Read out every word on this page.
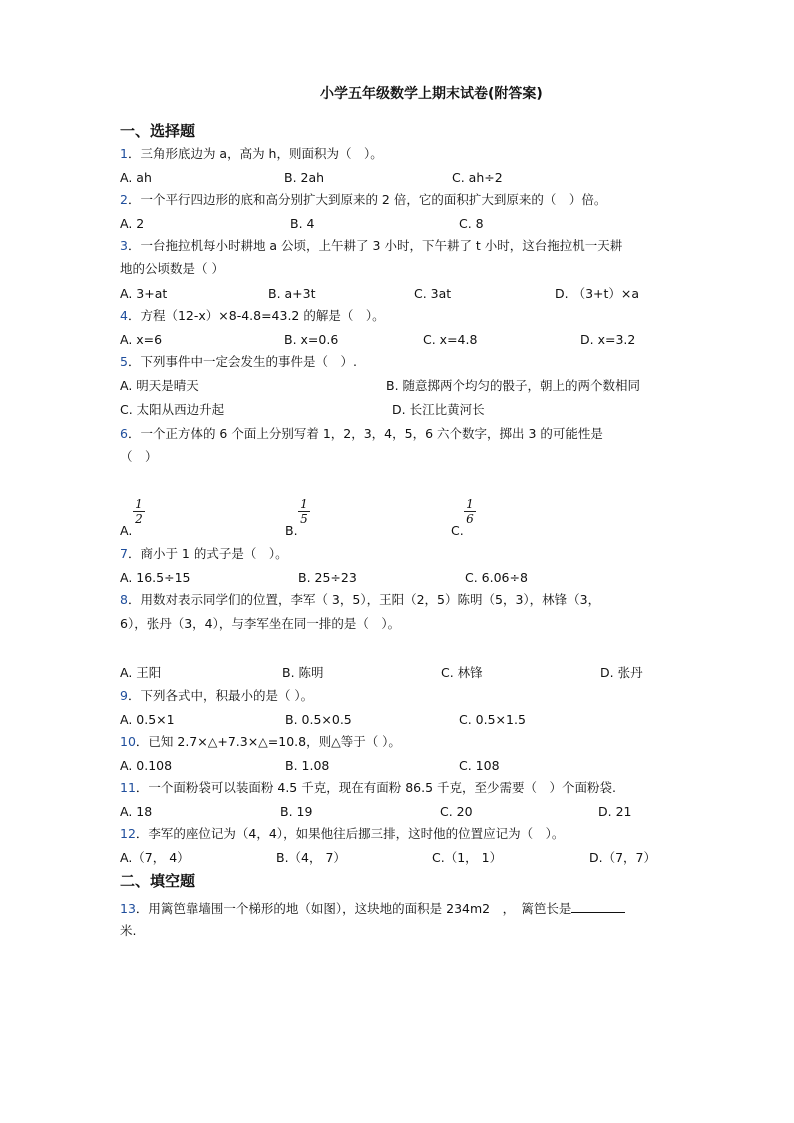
小学五年级数学上期末试卷(附答案)
一、选择题
1．三角形底边为 a，高为 h，则面积为（　）。
A. ah	B. 2ah	C. ah÷2
2．一个平行四边形的底和高分别扩大到原来的 2 倍，它的面积扩大到原来的（　）倍。
A. 2	B. 4	C. 8
3．一台拖拉机每小时耕地 a 公顷，上午耕了 3 小时，下午耕了 t 小时，这台拖拉机一天耕
地的公顷数是（ ）
A. 3+at	B. a+3t	C. 3at	D. （3+t）×a
4．方程（12-x）×8-4.8=43.2 的解是（　）。
A. x=6	B. x=0.6	C. x=4.8	D. x=3.2
5．下列事件中一定会发生的事件是（　）.
A. 明天是晴天	B. 随意掷两个均匀的骰子，朝上的两个数相同
C. 太阳从西边升起	D. 长江比黄河长
6．一个正方体的 6 个面上分别写着 1，2，3，4，5，6 六个数字，掷出 3 的可能性是
（　）
A.
1
2
B.
1
5
C.
1
6
7．商小于 1 的式子是（　）。
A. 16.5÷15	B. 25÷23	C. 6.06÷8
8．用数对表示同学们的位置，李军（ 3，5），王阳（2，5）陈明（5，3），林锋（3，
6），张丹（3，4），与李军坐在同一排的是（　）。
A. 王阳	B. 陈明	C. 林锋	D. 张丹
9．下列各式中，积最小的是（ ）。
A. 0.5×1	B. 0.5×0.5	C. 0.5×1.5
10．已知 2.7×△+7.3×△=10.8，则△等于（ ）。
A. 0.108	B. 1.08	C. 108
11．一个面粉袋可以装面粉 4.5 千克，现在有面粉 86.5 千克，至少需要（　）个面粉袋.
A. 18	B. 19	C. 20	D. 21
12．李军的座位记为（4，4），如果他往后挪三排，这时他的位置应记为（　）。
A.（7， 4）	B.（4， 7）	C.（1， 1）	D.（7，7）
二、填空题
13．用篱笆靠墙围一个梯形的地（如图），这块地的面积是 234m2　，　篱笆长是
米.
